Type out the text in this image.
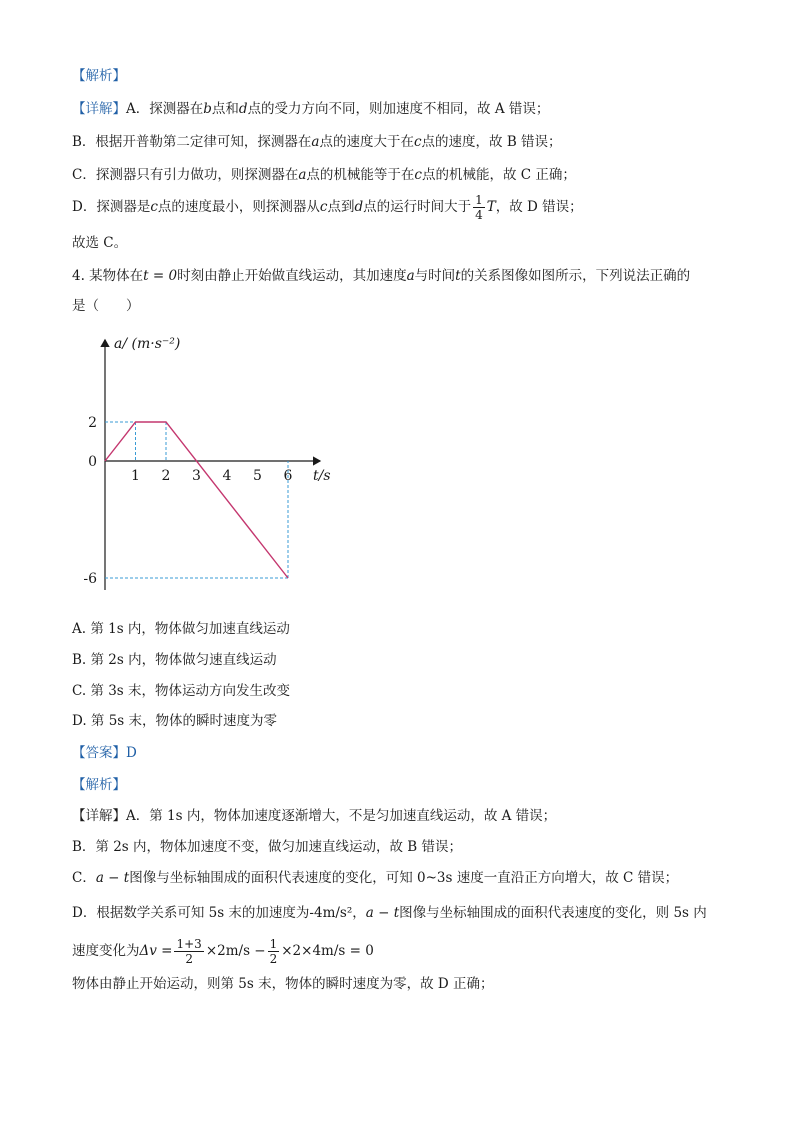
【解析】
【详解】A．探测器在b点和d点的受力方向不同，则加速度不相同，故 A 错误；
B．根据开普勒第二定律可知，探测器在a点的速度大于在c点的速度，故 B 错误；
C．探测器只有引力做功，则探测器在a点的机械能等于在c点的机械能，故 C 正确；
D．探测器是c点的速度最小，则探测器从c点到d点的运行时间大于 $\frac{1}{4}$ T，故 D 错误；
故选 C。
4. 某物体在t = 0时刻由静止开始做直线运动，其加速度a与时间t的关系图像如图所示，下列说法正确的
是（　　）
a/ (m·s⁻²)
t/s
2
0
-6
1 2 3 4 5 6
A. 第 1s 内，物体做匀加速直线运动
B. 第 2s 内，物体做匀速直线运动
C. 第 3s 末，物体运动方向发生改变
D. 第 5s 末，物体的瞬时速度为零
【答案】D
【解析】
【详解】A．第 1s 内，物体加速度逐渐增大，不是匀加速直线运动，故 A 错误；
B．第 2s 内，物体加速度不变，做匀加速直线运动，故 B 错误；
C．a − t图像与坐标轴围成的面积代表速度的变化，可知 0~3s 速度一直沿正方向增大，故 C 错误；
D．根据数学关系可知 5s 末的加速度为-4m/s²，a − t图像与坐标轴围成的面积代表速度的变化，则 5s 内
速度变化为$\Delta v = \frac{1+3}{2} \times 2m/s - \frac{1}{2} \times 2\times 4m/s = 0$
物体由静止开始运动，则第 5s 末，物体的瞬时速度为零，故 D 正确；
